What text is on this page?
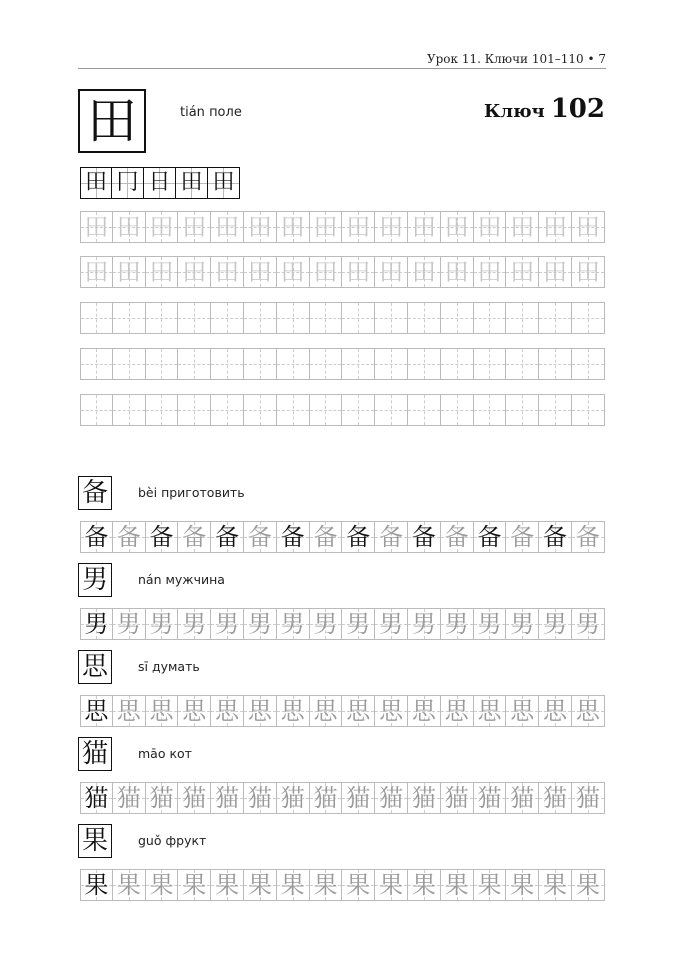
Урок 11. Ключи 101–110 • 7
田	tián поле	Ключ 102
田 冂 日 田 田
田 田 田 田 田 田 田 田 田 田 田 田 田 田 田 田
田 田 田 田 田 田 田 田 田 田 田 田 田 田 田 田
备 备 备 备 备 备 备 备 备 备 备 备 备 备 备 备
男 男 男 男 男 男 男 男 男 男 男 男 男 男 男 男
思 思 思 思 思 思 思 思 思 思 思 思 思 思 思 思
猫 猫 猫 猫 猫 猫 猫 猫 猫 猫 猫 猫 猫 猫 猫 猫
果 果 果 果 果 果 果 果 果 果 果 果 果 果 果 果
备	bèi приготовить
男	nán мужчина
思	sī думать
猫	māo кот
果	guǒ фрукт
